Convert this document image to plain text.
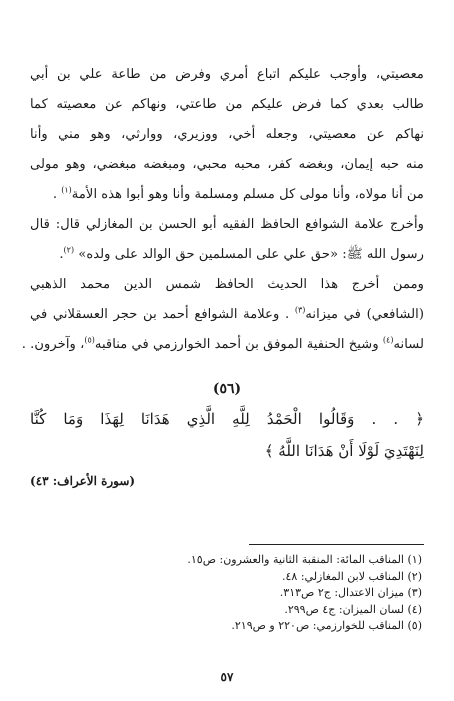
معصيتي، وأوجب عليكم اتباع أمري وفرض من طاعة علي بن أبي
طالب بعدي كما فرض عليكم من طاعتي، ونهاكم عن معصيته كما
نهاكم عن معصيتي، وجعله أخي، ووزيري، ووارثي، وهو مني وأنا
منه حبه إيمان، وبغضه كفر، محبه محبي، ومبغضه مبغضي، وهو مولى
من أنا مولاه، وأنا مولى كل مسلم ومسلمة وأنا وهو أبوا هذه الأمة$^{(١)}$ .
وأخرج علامة الشوافع الحافظ الفقيه أبو الحسن بن المغازلي قال: قال
رسول الله ﷺ: «حق علي على المسلمين حق الوالد على ولده» $^{(٢)}$.
وممن أخرج هذا الحديث الحافظ شمس الدين محمد الذهبي
(الشافعي) في ميزانه$^{(٣)}$ . وعلامة الشوافع أحمد بن حجر العسقلاني في
لسانه$^{(٤)}$ وشيخ الحنفية الموفق بن أحمد الخوارزمي في مناقبه$^{(٥)}$، وآخرون. .
(٥٦)
﴿ . . وَقَالُوا الْحَمْدُ لِلَّهِ الَّذِي هَدَانَا لِهَذَا وَمَا كُنَّا
لِنَهْتَدِيَ لَوْلَا أَنْ هَدَانَا اللَّهُ ﴾
(سورة الأعراف: ٤٣)
(١) المناقب المائة: المنقبة الثانية والعشرون: ص١٥.
(٢) المناقب لابن المغازلي: ٤٨.
(٣) ميزان الاعتدال: ج٢ ص٣١٣.
(٤) لسان الميزان: ج٤ ص٢٩٩.
(٥) المناقب للخوارزمي: ص٢٢٠ و ص٢١٩.
٥٧
